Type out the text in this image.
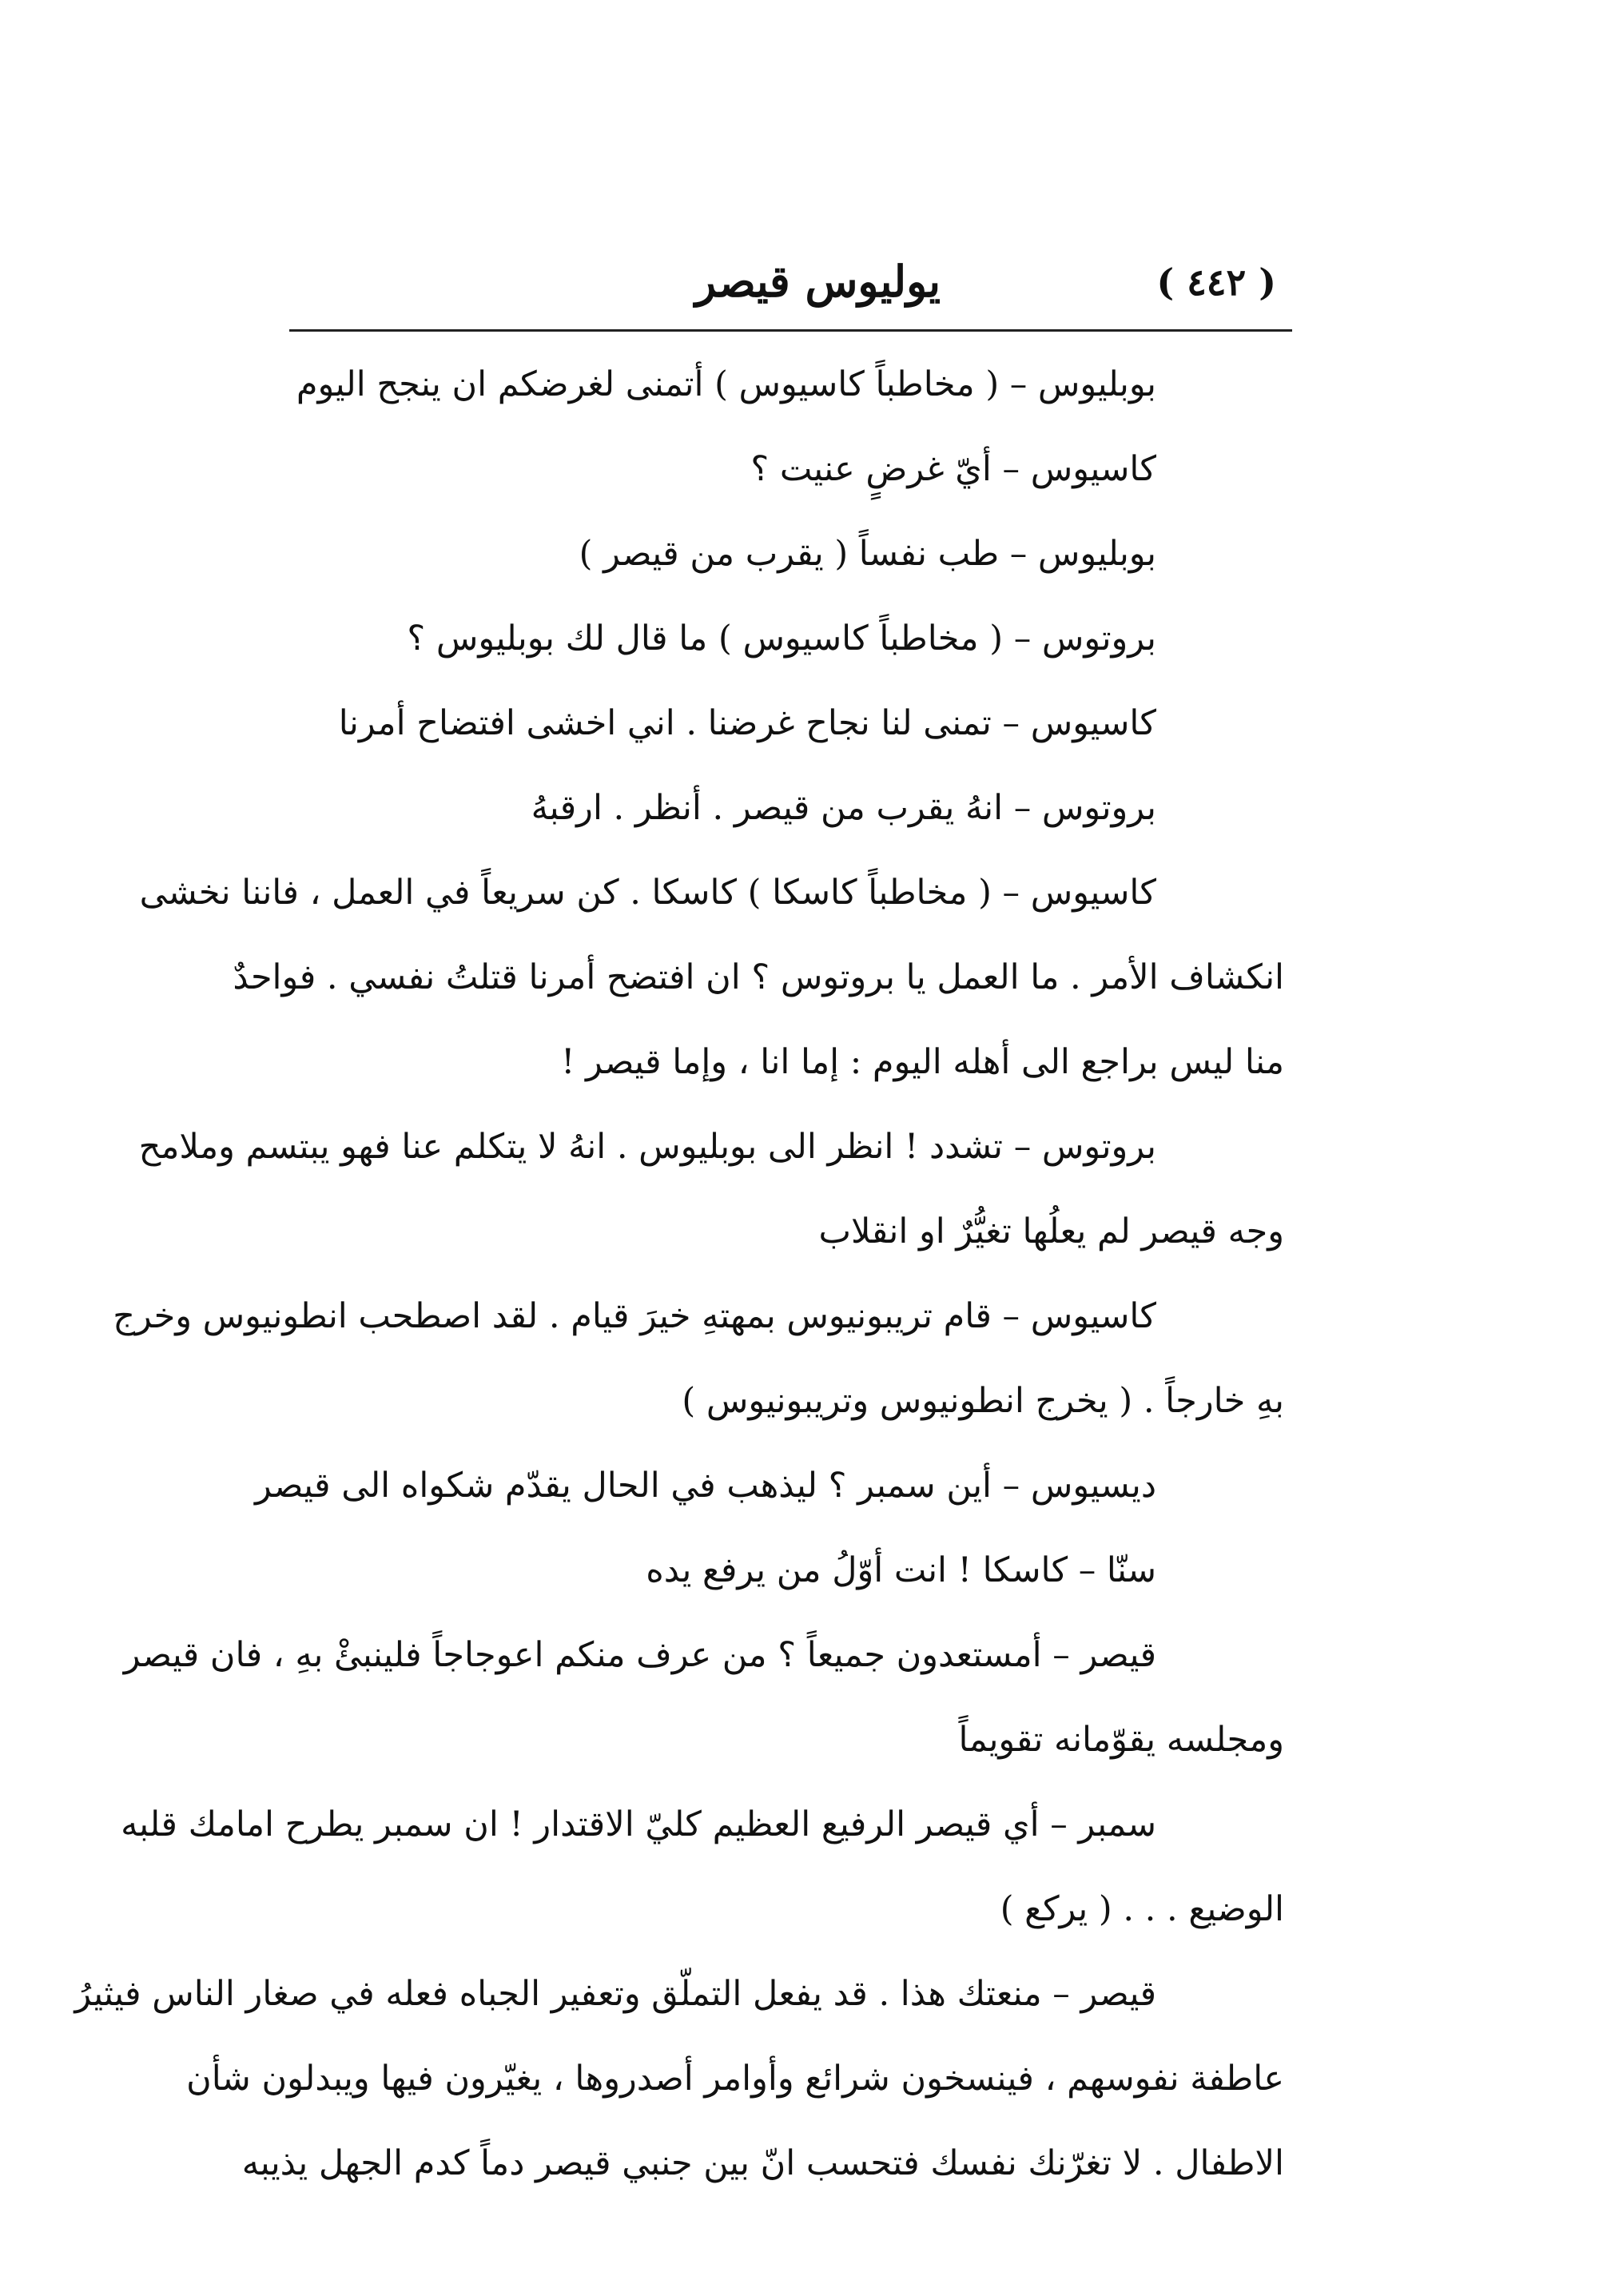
( ٤٤٢ )
يوليوس قيصر
بوبليوس – ( مخاطباً كاسيوس ) أتمنى لغرضكم ان ينجح اليوم
كاسيوس – أيّ غرضٍ عنيت ؟
بوبليوس – طب نفساً ( يقرب من قيصر )
بروتوس – ( مخاطباً كاسيوس ) ما قال لك بوبليوس ؟
كاسيوس – تمنى لنا نجاح غرضنا . اني اخشى افتضاح أمرنا
بروتوس – انهُ يقرب من قيصر . أنظر . ارقبهُ
كاسيوس – ( مخاطباً كاسكا ) كاسكا . كن سريعاً في العمل ، فاننا نخشى
انكشاف الأمر . ما العمل يا بروتوس ؟ ان افتضح أمرنا قتلتُ نفسي . فواحدٌ
منا ليس براجع الى أهله اليوم : إما انا ، وإما قيصر !
بروتوس – تشدد ! انظر الى بوبليوس . انهُ لا يتكلم عنا فهو يبتسم وملامح
وجه قيصر لم يعلُها تغيُّرٌ او انقلاب
كاسيوس – قام تريبونيوس بمهتهِ خيرَ قيام . لقد اصطحب انطونيوس وخرج
بهِ خارجاً . ( يخرج انطونيوس وتريبونيوس )
ديسيوس – أين سمبر ؟ ليذهب في الحال يقدّم شكواه الى قيصر
سنّا – كاسكا ! انت أوّلُ من يرفع يده
قيصر – أمستعدون جميعاً ؟ من عرف منكم اعوجاجاً فلينبئْ بهِ ، فان قيصر
ومجلسه يقوّمانه تقويماً
سمبر – أي قيصر الرفيع العظيم كليّ الاقتدار ! ان سمبر يطرح امامك قلبه
الوضيع . . . ( يركع )
قيصر – منعتك هذا . قد يفعل التملّق وتعفير الجباه فعله في صغار الناس فيثيرُ
عاطفة نفوسهم ، فينسخون شرائع وأوامر أصدروها ، يغيّرون فيها ويبدلون شأن
الاطفال . لا تغرّنك نفسك فتحسب انّ بين جنبي قيصر دماً كدم الجهل يذيبه
